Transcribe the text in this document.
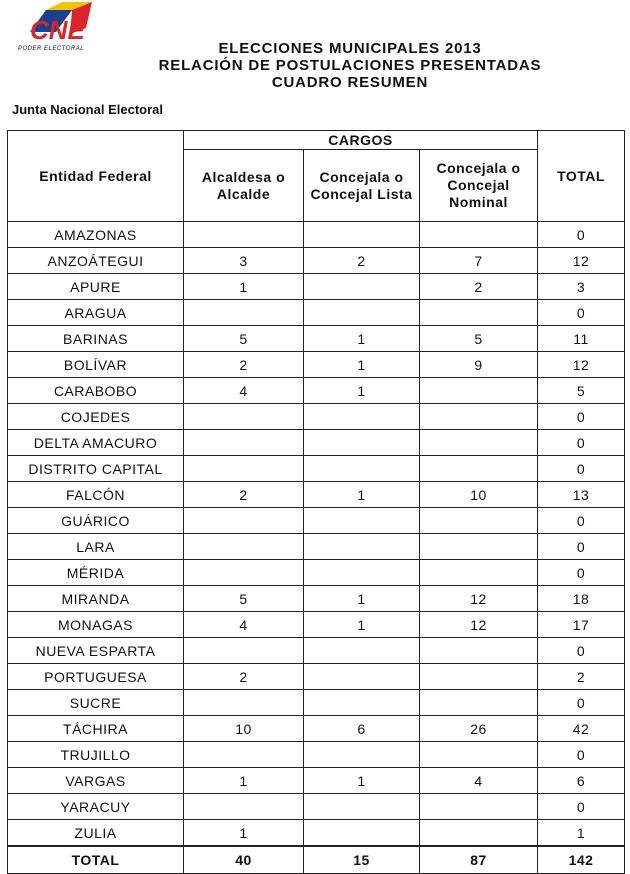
CNE
PODER ELECTORAL	ELECCIONES MUNICIPALES 2013
RELACIÓN DE POSTULACIONES PRESENTADAS
CUADRO RESUMEN
Junta Nacional Electoral
Entidad Federal	CARGOS			TOTAL
	Alcaldesa o Alcalde	Concejala o Concejal Lista	Concejala o Concejal Nominal	
AMAZONAS				0
ANZOÁTEGUI	3	2	7	12
APURE	1		2	3
ARAGUA				0
BARINAS	5	1	5	11
BOLÍVAR	2	1	9	12
CARABOBO	4	1		5
COJEDES				0
DELTA AMACURO				0
DISTRITO CAPITAL				0
FALCÓN	2	1	10	13
GUÁRICO				0
LARA				0
MÉRIDA				0
MIRANDA	5	1	12	18
MONAGAS	4	1	12	17
NUEVA ESPARTA				0
PORTUGUESA	2			2
SUCRE				0
TÁCHIRA	10	6	26	42
TRUJILLO				0
VARGAS	1	1	4	6
YARACUY				0
ZULIA	1			1
TOTAL	40	15	87	142
